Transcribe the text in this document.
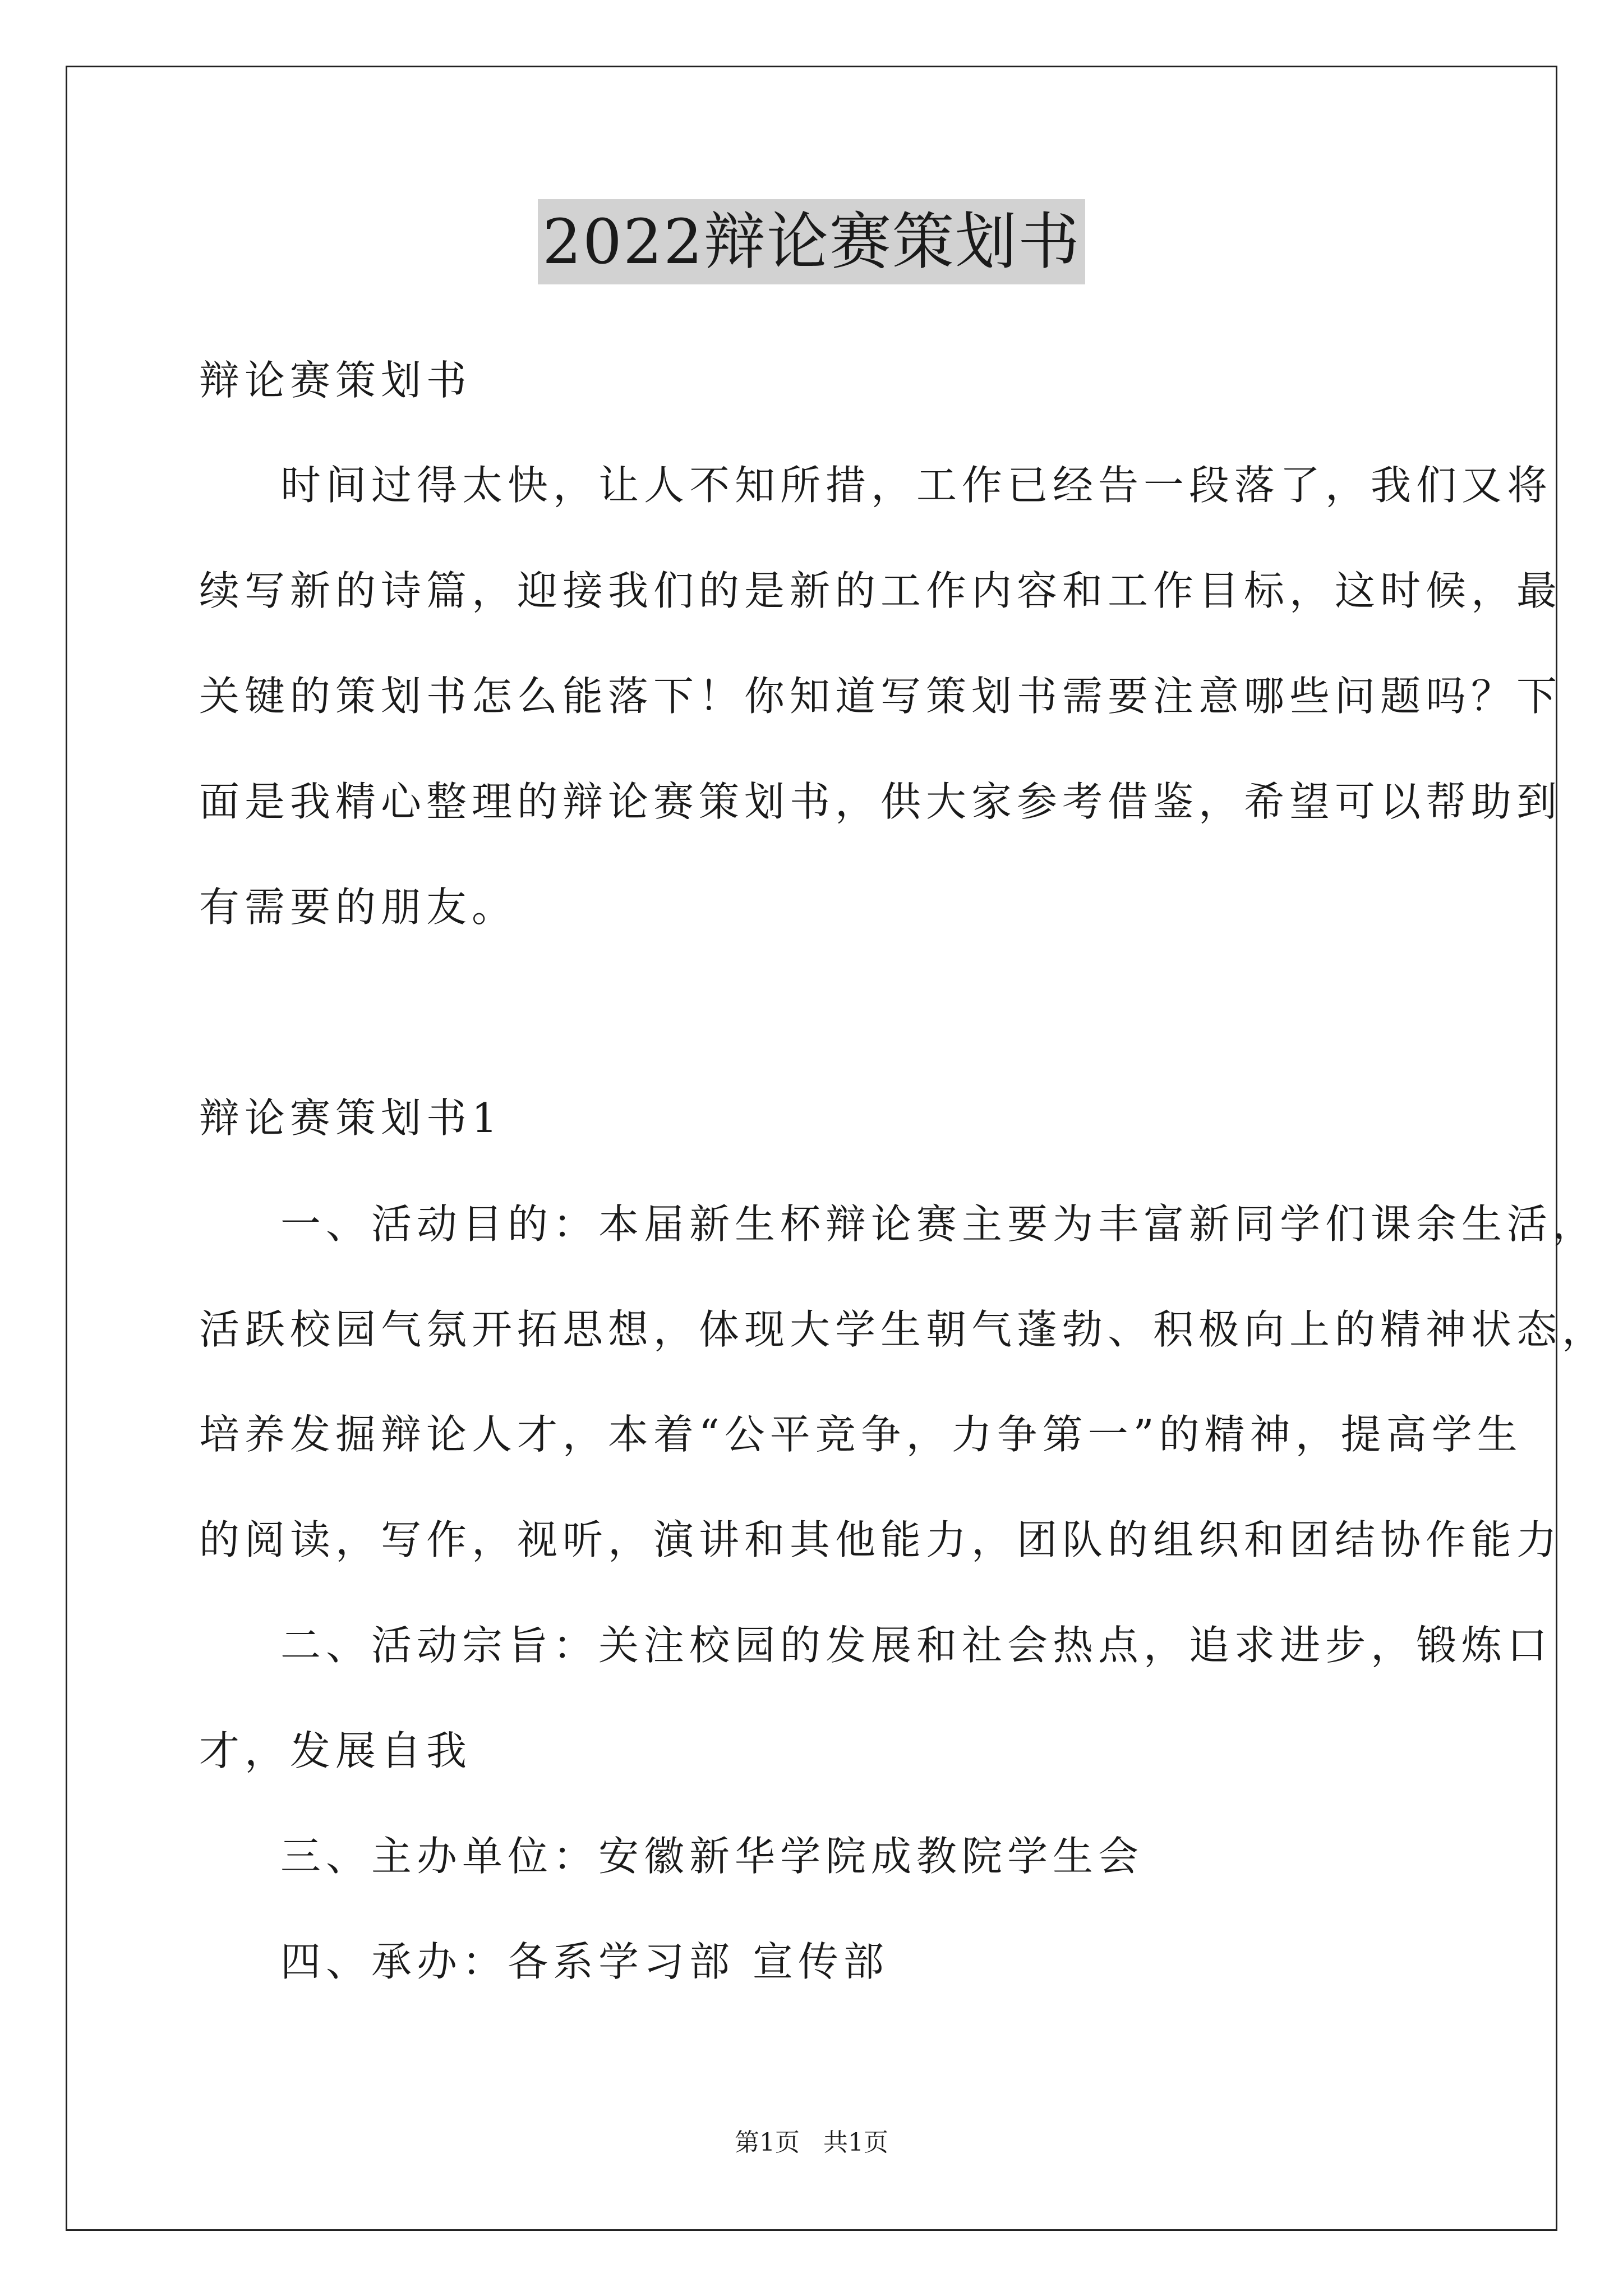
2022辩论赛策划书
辩论赛策划书
时间过得太快，让人不知所措，工作已经告一段落了，我们又将
续写新的诗篇，迎接我们的是新的工作内容和工作目标，这时候，最
关键的策划书怎么能落下！你知道写策划书需要注意哪些问题吗？下
面是我精心整理的辩论赛策划书，供大家参考借鉴，希望可以帮助到
有需要的朋友。
辩论赛策划书1
一、活动目的：本届新生杯辩论赛主要为丰富新同学们课余生活，
活跃校园气氛开拓思想，体现大学生朝气蓬勃、积极向上的精神状态，
培养发掘辩论人才，本着“公平竞争，力争第一”的精神，提高学生
的阅读，写作，视听，演讲和其他能力，团队的组织和团结协作能力
二、活动宗旨：关注校园的发展和社会热点，追求进步，锻炼口
才，发展自我
三、主办单位：安徽新华学院成教院学生会
四、承办：各系学习部 宣传部
第1页   共1页
